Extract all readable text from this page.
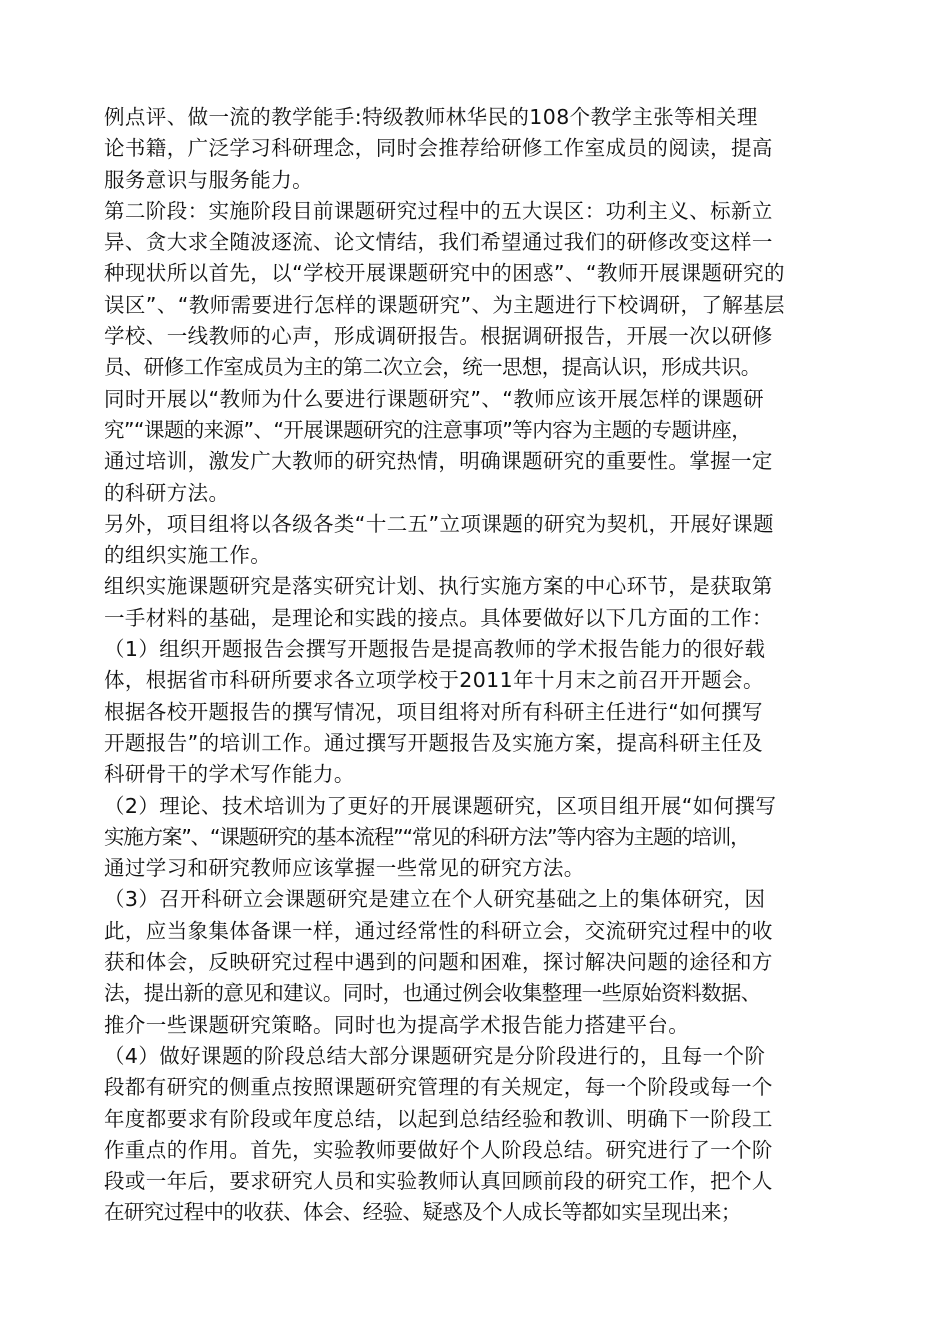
例点评、做一流的教学能手:特级教师林华民的108个教学主张等相关理
论书籍，广泛学习科研理念，同时会推荐给研修工作室成员的阅读，提高
服务意识与服务能力。
第二阶段：实施阶段目前课题研究过程中的五大误区：功利主义、标新立
异、贪大求全随波逐流、论文情结，我们希望通过我们的研修改变这样一
种现状所以首先，以“学校开展课题研究中的困惑”、“教师开展课题研究的
误区”、“教师需要进行怎样的课题研究”、为主题进行下校调研，了解基层
学校、一线教师的心声，形成调研报告。根据调研报告，开展一次以研修
员、研修工作室成员为主的第二次立会，统一思想，提高认识，形成共识。
同时开展以“教师为什么要进行课题研究”、“教师应该开展怎样的课题研
究”“课题的来源”、“开展课题研究的注意事项”等内容为主题的专题讲座，
通过培训，激发广大教师的研究热情，明确课题研究的重要性。掌握一定
的科研方法。
另外，项目组将以各级各类“十二五”立项课题的研究为契机，开展好课题
的组织实施工作。
组织实施课题研究是落实研究计划、执行实施方案的中心环节，是获取第
一手材料的基础，是理论和实践的接点。具体要做好以下几方面的工作：
（1）组织开题报告会撰写开题报告是提高教师的学术报告能力的很好载
体，根据省市科研所要求各立项学校于2011年十月末之前召开开题会。
根据各校开题报告的撰写情况，项目组将对所有科研主任进行“如何撰写
开题报告”的培训工作。通过撰写开题报告及实施方案，提高科研主任及
科研骨干的学术写作能力。
（2）理论、技术培训为了更好的开展课题研究，区项目组开展“如何撰写
实施方案”、“课题研究的基本流程”“常见的科研方法”等内容为主题的培训，
通过学习和研究教师应该掌握一些常见的研究方法。
（3）召开科研立会课题研究是建立在个人研究基础之上的集体研究，因
此，应当象集体备课一样，通过经常性的科研立会，交流研究过程中的收
获和体会，反映研究过程中遇到的问题和困难，探讨解决问题的途径和方
法，提出新的意见和建议。同时，也通过例会收集整理一些原始资料数据、
推介一些课题研究策略。同时也为提高学术报告能力搭建平台。
（4）做好课题的阶段总结大部分课题研究是分阶段进行的，且每一个阶
段都有研究的侧重点按照课题研究管理的有关规定，每一个阶段或每一个
年度都要求有阶段或年度总结，以起到总结经验和教训、明确下一阶段工
作重点的作用。首先，实验教师要做好个人阶段总结。研究进行了一个阶
段或一年后，要求研究人员和实验教师认真回顾前段的研究工作，把个人
在研究过程中的收获、体会、经验、疑惑及个人成长等都如实呈现出来；
